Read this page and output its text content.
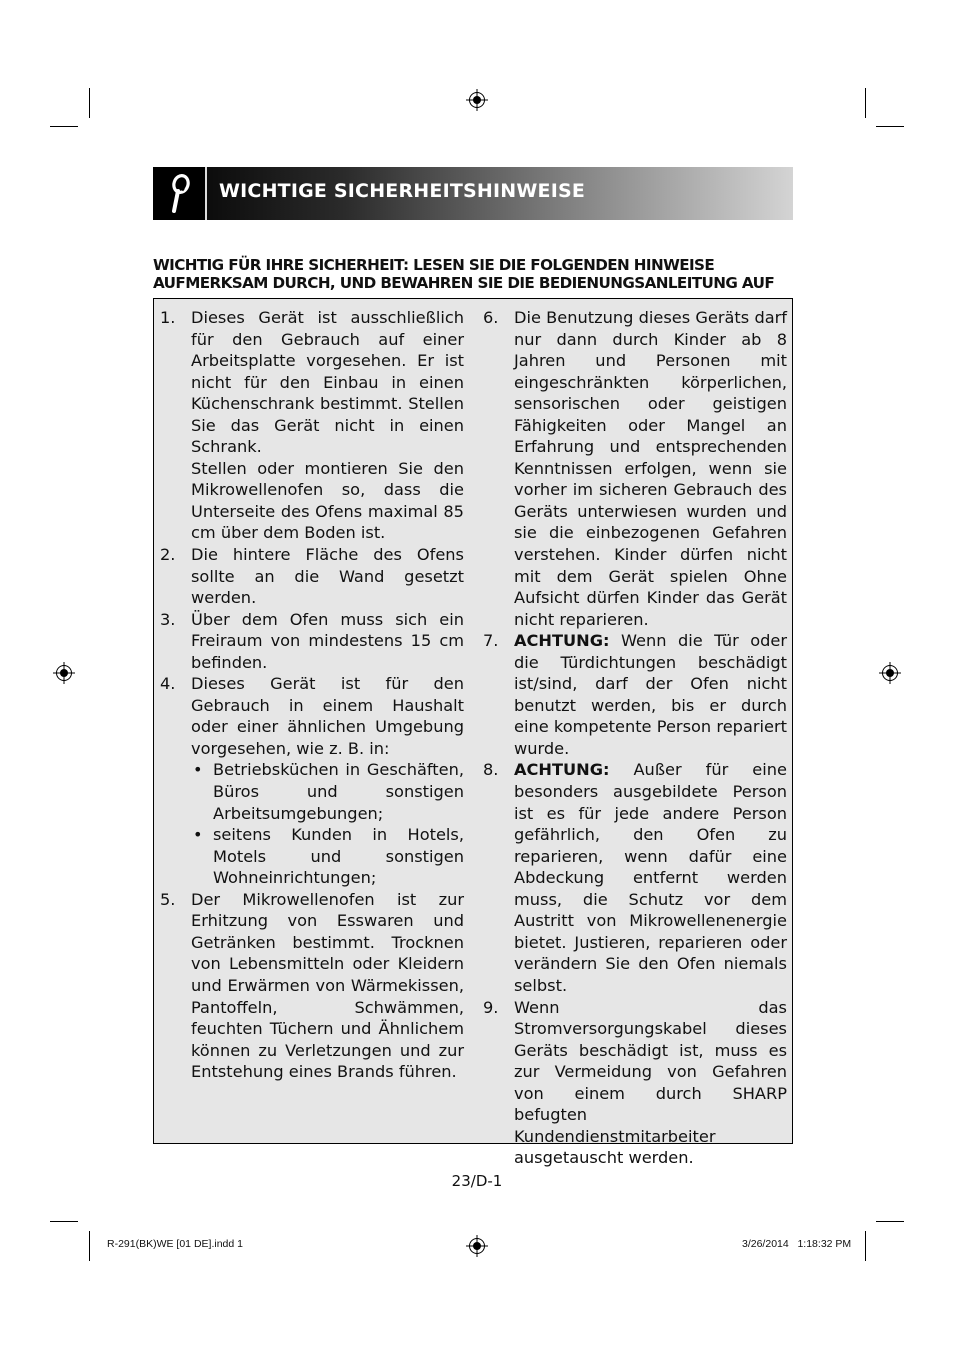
WICHTIGE SICHERHEITSHINWEISE
WICHTIG FÜR IHRE SICHERHEIT: LESEN SIE DIE FOLGENDEN HINWEISE
AUFMERKSAM DURCH, UND BEWAHREN SIE DIE BEDIENUNGSANLEITUNG AUF
1. Dieses Gerät ist ausschließlich für den Gebrauch auf einer Arbeitsplatte vorgesehen. Er ist nicht für den Einbau in einen Küchenschrank bestimmt. Stellen Sie das Gerät nicht in einen Schrank.

Stellen oder montieren Sie den Mikrowellenofen so, dass die Unterseite des Ofens maximal 85 cm über dem Boden ist.

2. Die hintere Fläche des Ofens sollte an die Wand gesetzt werden.

3. Über dem Ofen muss sich ein Freiraum von mindestens 15 cm befinden.

4. Dieses Gerät ist für den Gebrauch in einem Haushalt oder einer ähnlichen Umgebung vorgesehen, wie z. B. in:

• Betriebsküchen in Geschäften, Büros und sonstigen Arbeitsumgebungen;
• seitens Kunden in Hotels, Motels und sonstigen Wohneinrichtungen;
5. Der Mikrowellenofen ist zur Erhitzung von Esswaren und Getränken bestimmt. Trocknen von Lebensmitteln oder Kleidern und Erwärmen von Wärmekissen, Pantoffeln, Schwämmen, feuchten Tüchern und Ähnlichem können zu Verletzungen und zur Entstehung eines Brands führen.

6. Die Benutzung dieses Geräts darf nur dann durch Kinder ab 8 Jahren und Personen mit eingeschränkten körperlichen, sensorischen oder geistigen Fähigkeiten oder Mangel an Erfahrung und entsprechenden Kenntnissen erfolgen, wenn sie vorher im sicheren Gebrauch des Geräts unterwiesen wurden und sie die einbezogenen Gefahren verstehen. Kinder dürfen nicht mit dem Gerät spielen Ohne Aufsicht dürfen Kinder das Gerät nicht reparieren.

7. ACHTUNG: Wenn die Tür oder die Türdichtungen beschädigt ist/sind, darf der Ofen nicht benutzt werden, bis er durch eine kompetente Person repariert wurde.

8. ACHTUNG: Außer für eine besonders ausgebildete Person ist es für jede andere Person gefährlich, den Ofen zu reparieren, wenn dafür eine Abdeckung entfernt werden muss, die Schutz vor dem Austritt von Mikrowellenenergie bietet. Justieren, reparieren oder verändern Sie den Ofen niemals selbst.

9. Wenn das Stromversorgungskabel dieses Geräts beschädigt ist, muss es zur Vermeidung von Gefahren von einem durch SHARP befugten Kundendienstmitarbeiter ausgetauscht werden.

23/D-1
R-291(BK)WE [01 DE].indd 1	3/26/2014   1:18:32 PM
